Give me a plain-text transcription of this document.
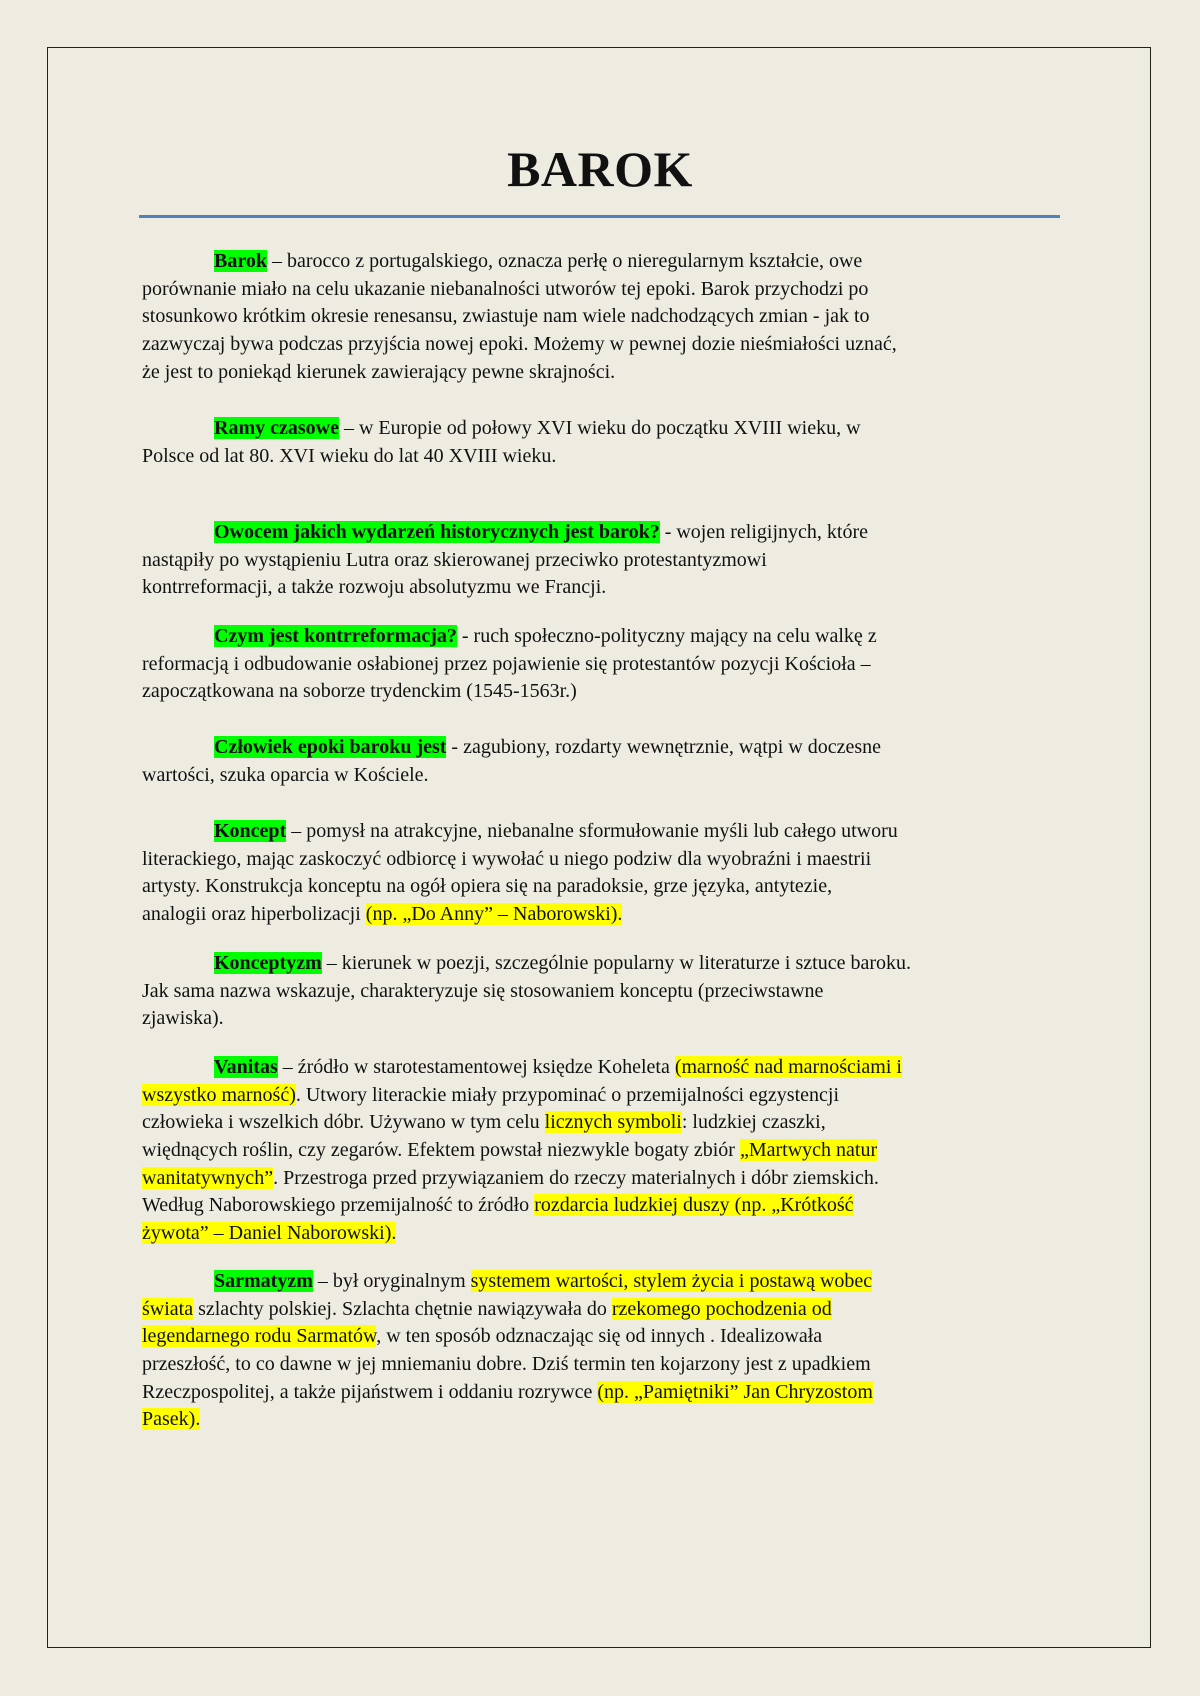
BAROK
Barok – barocco z portugalskiego, oznacza perłę o nieregularnym kształcie, owe
porównanie miało na celu ukazanie niebanalności utworów tej epoki. Barok przychodzi po
stosunkowo krótkim okresie renesansu, zwiastuje nam wiele nadchodzących zmian - jak to
zazwyczaj bywa podczas przyjścia nowej epoki. Możemy w pewnej dozie nieśmiałości uznać,
że jest to poniekąd kierunek zawierający pewne skrajności.
Ramy czasowe – w Europie od połowy XVI wieku do początku XVIII wieku, w
Polsce od lat 80. XVI wieku do lat 40 XVIII wieku.
Owocem jakich wydarzeń historycznych jest barok? - wojen religijnych, które
nastąpiły po wystąpieniu Lutra oraz skierowanej przeciwko protestantyzmowi
kontrreformacji, a także rozwoju absolutyzmu we Francji.
Czym jest kontrreformacja? - ruch społeczno-polityczny mający na celu walkę z
reformacją i odbudowanie osłabionej przez pojawienie się protestantów pozycji Kościoła –
zapoczątkowana na soborze trydenckim (1545-1563r.)
Człowiek epoki baroku jest - zagubiony, rozdarty wewnętrznie, wątpi w doczesne
wartości, szuka oparcia w Kościele.
Koncept – pomysł na atrakcyjne, niebanalne sformułowanie myśli lub całego utworu
literackiego, mając zaskoczyć odbiorcę i wywołać u niego podziw dla wyobraźni i maestrii
artysty. Konstrukcja konceptu na ogół opiera się na paradoksie, grze języka, antytezie,
analogii oraz hiperbolizacji (np. „Do Anny” – Naborowski).
Konceptyzm – kierunek w poezji, szczególnie popularny w literaturze i sztuce baroku.
Jak sama nazwa wskazuje, charakteryzuje się stosowaniem konceptu (przeciwstawne
zjawiska).
Vanitas – źródło w starotestamentowej księdze Koheleta (marność nad marnościami i
wszystko marność). Utwory literackie miały przypominać o przemijalności egzystencji
człowieka i wszelkich dóbr. Używano w tym celu licznych symboli: ludzkiej czaszki,
więdnących roślin, czy zegarów. Efektem powstał niezwykle bogaty zbiór „Martwych natur
wanitatywnych”. Przestroga przed przywiązaniem do rzeczy materialnych i dóbr ziemskich.
Według Naborowskiego przemijalność to źródło rozdarcia ludzkiej duszy (np. „Krótkość
żywota” – Daniel Naborowski).
Sarmatyzm – był oryginalnym systemem wartości, stylem życia i postawą wobec
świata szlachty polskiej. Szlachta chętnie nawiązywała do rzekomego pochodzenia od
legendarnego rodu Sarmatów, w ten sposób odznaczając się od innych . Idealizowała
przeszłość, to co dawne w jej mniemaniu dobre. Dziś termin ten kojarzony jest z upadkiem
Rzeczpospolitej, a także pijaństwem i oddaniu rozrywce (np. „Pamiętniki” Jan Chryzostom
Pasek).
